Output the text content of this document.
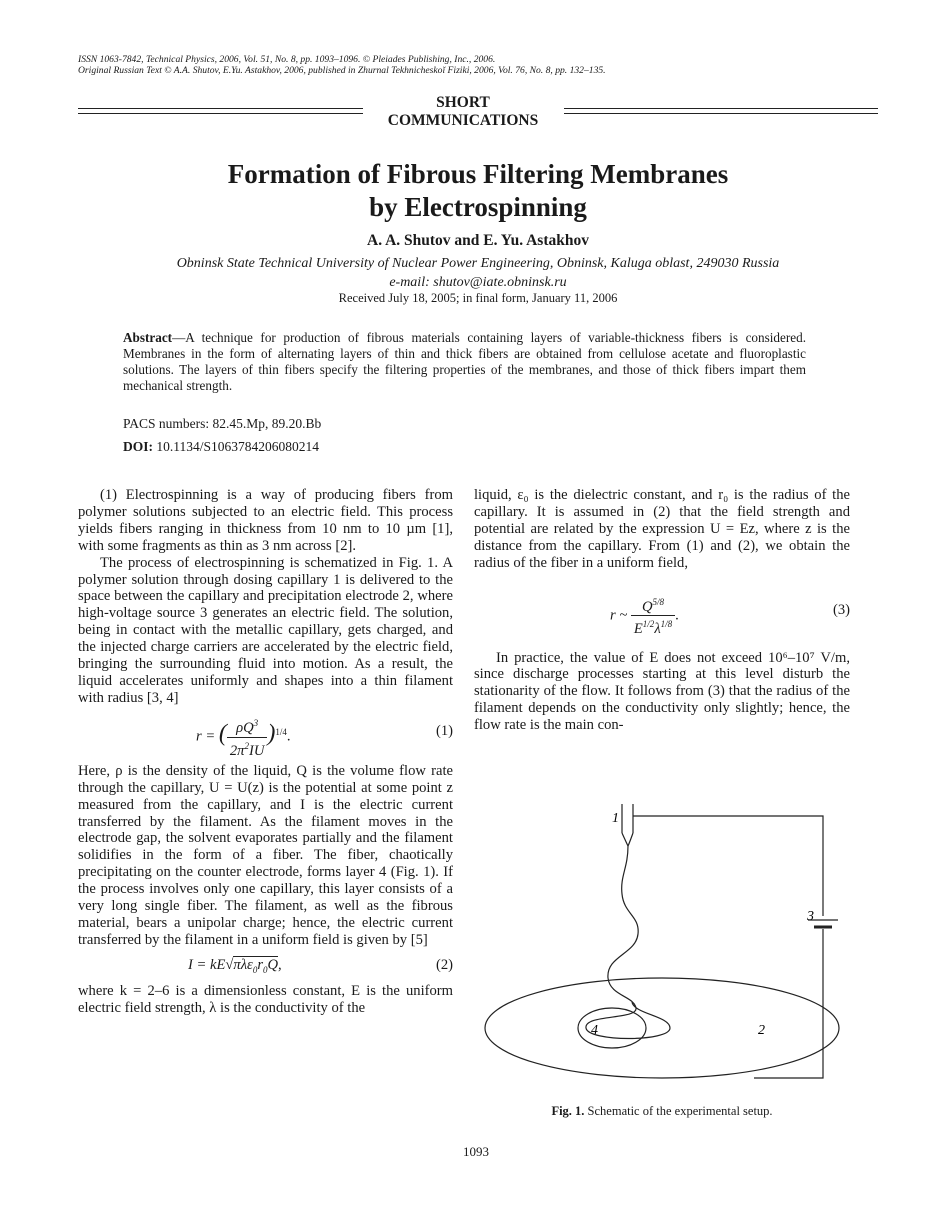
ISSN 1063-7842, Technical Physics, 2006, Vol. 51, No. 8, pp. 1093–1096. © Pleiades Publishing, Inc., 2006.
Original Russian Text © A.A. Shutov, E.Yu. Astakhov, 2006, published in Zhurnal Tekhnicheskoĭ Fiziki, 2006, Vol. 76, No. 8, pp. 132–135.
SHORT
COMMUNICATIONS
Formation of Fibrous Filtering Membranes
by Electrospinning
A. A. Shutov and E. Yu. Astakhov
Obninsk State Technical University of Nuclear Power Engineering, Obninsk, Kaluga oblast, 249030 Russia
e-mail: shutov@iate.obninsk.ru
Received July 18, 2005; in final form, January 11, 2006
Abstract—A technique for production of fibrous materials containing layers of variable-thickness fibers is considered. Membranes in the form of alternating layers of thin and thick fibers are obtained from cellulose acetate and fluoroplastic solutions. The layers of thin fibers specify the filtering properties of the membranes, and those of thick fibers impart them mechanical strength.
PACS numbers: 82.45.Mp, 89.20.Bb
DOI: 10.1134/S1063784206080214

(1) Electrospinning is a way of producing fibers from polymer solutions subjected to an electric field. This process yields fibers ranging in thickness from 10 nm to 10 µm [1], with some fragments as thin as 3 nm across [2].

The process of electrospinning is schematized in Fig. 1. A polymer solution through dosing capillary 1 is delivered to the space between the capillary and precipitation electrode 2, where high-voltage source 3 generates an electric field. The solution, being in contact with the metallic capillary, gets charged, and the injected charge carriers are accelerated by the electric field, bringing the surrounding fluid into motion. As a result, the liquid accelerates uniformly and shapes into a thin filament with radius [3, 4]

r = ( $\frac{\rho Q^3}{2\pi^2IU} )^{1/4}$.	(1)

Here, ρ is the density of the liquid, Q is the volume flow rate through the capillary, U = U(z) is the potential at some point z measured from the capillary, and I is the electric current transferred by the filament. As the filament moves in the electrode gap, the solvent evaporates partially and the filament solidifies in the form of a fiber. The fiber, chaotically precipitating on the counter electrode, forms layer 4 (Fig. 1). If the process involves only one capillary, this layer consists of a very long single fiber. The filament, as well as the fibrous material, bears a unipolar charge; hence, the electric current transferred by the filament in a uniform field is given by [5]

$I = kE√\pi\lambda\varepsilon_0r_0Q$,	(2)

where k = 2–6 is a dimensionless constant, E is the uniform electric field strength, λ is the conductivity of the

liquid, ε₀ is the dielectric constant, and r₀ is the radius of the capillary. It is assumed in (2) that the field strength and potential are related by the expression U = Ez, where z is the distance from the capillary. From (1) and (2), we obtain the radius of the fiber in a uniform field,

r ~ $\frac{Q^{5/8}}{E^{1/2}\lambda^{1/8}}$ .	(3)

In practice, the value of E does not exceed 10⁶–10⁷ V/m, since discharge processes starting at this level disturb the stationarity of the flow. It follows from (3) that the radius of the filament depends on the conductivity only slightly; hence, the flow rate is the main con-

1
3
4	2
Fig. 1. Schematic of the experimental setup.
1093
